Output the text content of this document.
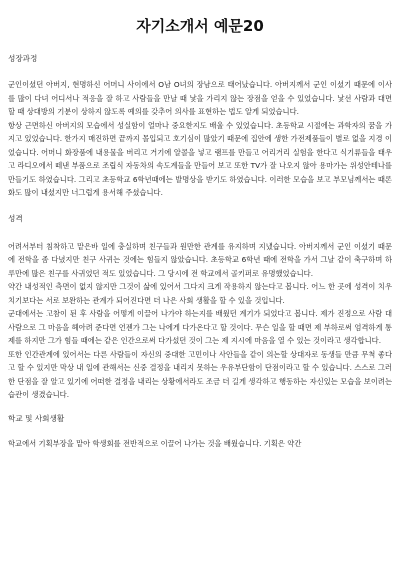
자기소개서 예문20

성장과정

군인이셨던 아버지, 현명하신 어머니 사이에서 O남 O녀의 장남으로 태어났습니다. 아버지께서 군인 이셨기 때문에 이사를 많이 다녀 어디서나 적응을 잘 하고 사람들을 만날 때 낯을 가리지 않는 장점을 얻을 수 있었습니다. 낯선 사람과 대면할 때 상대방의 기분이 상하지 않도록 예의를 갖추어 의사를 표현하는 법도 알게 되었습니다.

항상 근면하신 아버지의 모습에서 성실함이 얼마나 중요한지도 배울 수 있었습니다. 초등학교 시절에는 과학자의 꿈을 가지고 있었습니다. 한가지 매진하면 끝까지 몰입되고 호기심이 많았기 때문에 집안에 생한 가전제품들이 별로 없을 지경 이었습니다. 어머니 화장품에 내용물을 버리고 거기에 알콜을 넣고 램프를 만들고 어리거리 실험을 한다고 식기류들을 태우고 라디오에서 떼낸 부품으로 조립식 자동차의 속도계들을 만들어 보고 또한 TV가 잘 나오지 않아 용마가는 위성안테나를 만들기도 하였습니다. 그리고 초등학교 6학년때에는 발명상을 받기도 하였습니다. 이러한 모습을 보고 부모님께서는 때론 화도 많이 내셨지만 너그럽게 용서해 주셨습니다.

성격

어려서부터 침착하고 맡은바 일에 충실하며 친구들과 원만한 관계를 유지하며 지냈습니다. 아버지께서 군인 이셨기 때문에 전학을 좀 다녔지만 친구 사귀는 것에는 힘들지 않았습니다. 초등학교 6학년 때에 전학을 가서 그날 같이 축구하며 하루만에 많은 친구를 사귀었던 적도 있었습니다. 그 당시에 전 학교에서 골키퍼로 유명했었습니다.

약간 내성적인 측면이 없지 않지만 그것이 삶에 있어서 그다지 크게 작용하지 않는다고 봅니다. 어느 한 곳에 성격이 치우치기보다는 서로 보완하는 관계가 되어진다면 더 나은 사회 생활을 할 수 있을 것입니다.

군대에서는 고참이 된 후 사람을 어떻게 이끌어 나가야 하는지를 배웠던 계기가 되었다고 봅니다. 제가 진정으로 사람 대 사람으로 그 마음을 헤아려 준다면 언젠가 그는 나에게 다가온다고 할 것이다. 무슨 일을 할 때면 제 부하로써 엄격하게 통제를 하지만 그가 힘들 때에는 같은 인간으로써 다가섰던 것이 그는 제 지시에 마음을 열 수 있는 것이라고 생각합니다.

또한 인간관계에 있어서는 다른 사람들이 자신의 중대한 고민이나 사안들을 같이 의논할 상대자로 동생들 만큼 무척 좋다고 할 수 있지만 막상 내 일에 관해서는 신중 결정을 내리지 못하는 우유부단함이 단점이라고 할 수 있습니다. 스스로 그러한 단점을 잘 알고 있기에 어떠한 결정을 내리는 상황에서라도 조금 더 길게 생각하고 행동하는 자신있는 모습을 보이려는 습관이 생겼습니다.

학교 및 사회생활

학교에서 기획부장을 맡아 학생회를 전반적으로 이끌어 나가는 것을 배웠습니다. 기획은 약간
